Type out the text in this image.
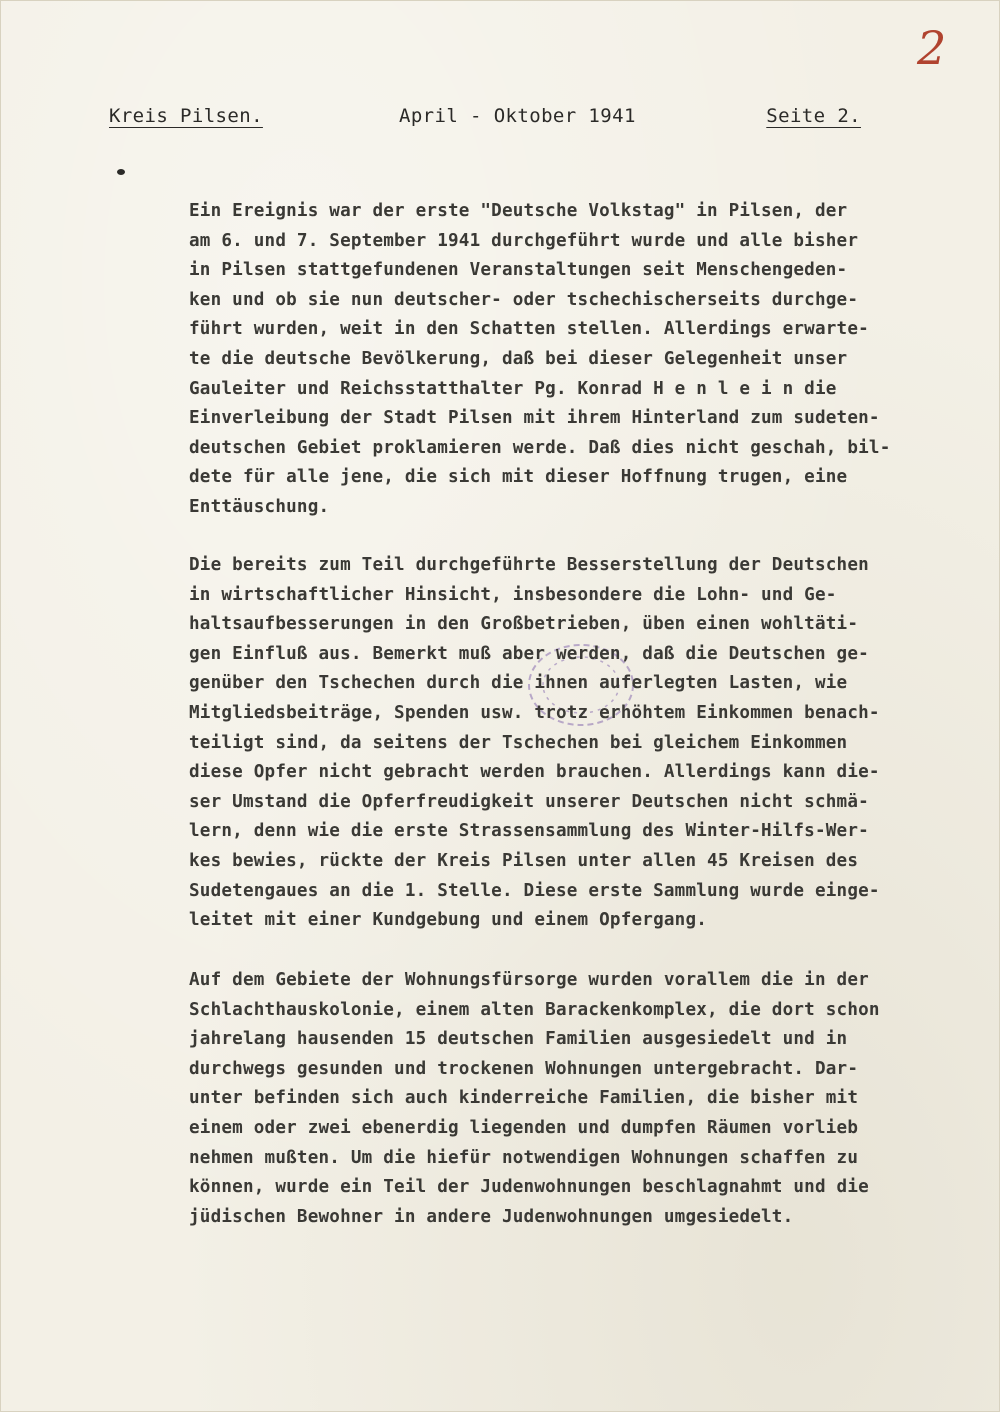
2
Kreis Pilsen.	April - Oktober 1941	Seite 2.
Ein Ereignis war der erste "Deutsche Volkstag" in Pilsen, der
am 6. und 7. September 1941 durchgeführt wurde und alle bisher
in Pilsen stattgefundenen Veranstaltungen seit Menschengeden-
ken und ob sie nun deutscher- oder tschechischerseits durchge-
führt wurden, weit in den Schatten stellen. Allerdings erwarte-
te die deutsche Bevölkerung, daß bei dieser Gelegenheit unser
Gauleiter und Reichsstatthalter Pg. Konrad H e n l e i n die
Einverleibung der Stadt Pilsen mit ihrem Hinterland zum sudeten-
deutschen Gebiet proklamieren werde. Daß dies nicht geschah, bil-
dete für alle jene, die sich mit dieser Hoffnung trugen, eine
Enttäuschung.
Die bereits zum Teil durchgeführte Besserstellung der Deutschen
in wirtschaftlicher Hinsicht, insbesondere die Lohn- und Ge-
haltsaufbesserungen in den Großbetrieben, üben einen wohltäti-
gen Einfluß aus. Bemerkt muß aber werden, daß die Deutschen ge-
genüber den Tschechen durch die ihnen auferlegten Lasten, wie
Mitgliedsbeiträge, Spenden usw. trotz erhöhtem Einkommen benach-
teiligt sind, da seitens der Tschechen bei gleichem Einkommen
diese Opfer nicht gebracht werden brauchen. Allerdings kann die-
ser Umstand die Opferfreudigkeit unserer Deutschen nicht schmä-
lern, denn wie die erste Strassensammlung des Winter-Hilfs-Wer-
kes bewies, rückte der Kreis Pilsen unter allen 45 Kreisen des
Sudetengaues an die 1. Stelle. Diese erste Sammlung wurde einge-
leitet mit einer Kundgebung und einem Opfergang.
Auf dem Gebiete der Wohnungsfürsorge wurden vorallem die in der
Schlachthauskolonie, einem alten Barackenkomplex, die dort schon
jahrelang hausenden 15 deutschen Familien ausgesiedelt und in
durchwegs gesunden und trockenen Wohnungen untergebracht. Dar-
unter befinden sich auch kinderreiche Familien, die bisher mit
einem oder zwei ebenerdig liegenden und dumpfen Räumen vorlieb
nehmen mußten. Um die hiefür notwendigen Wohnungen schaffen zu
können, wurde ein Teil der Judenwohnungen beschlagnahmt und die
jüdischen Bewohner in andere Judenwohnungen umgesiedelt.
